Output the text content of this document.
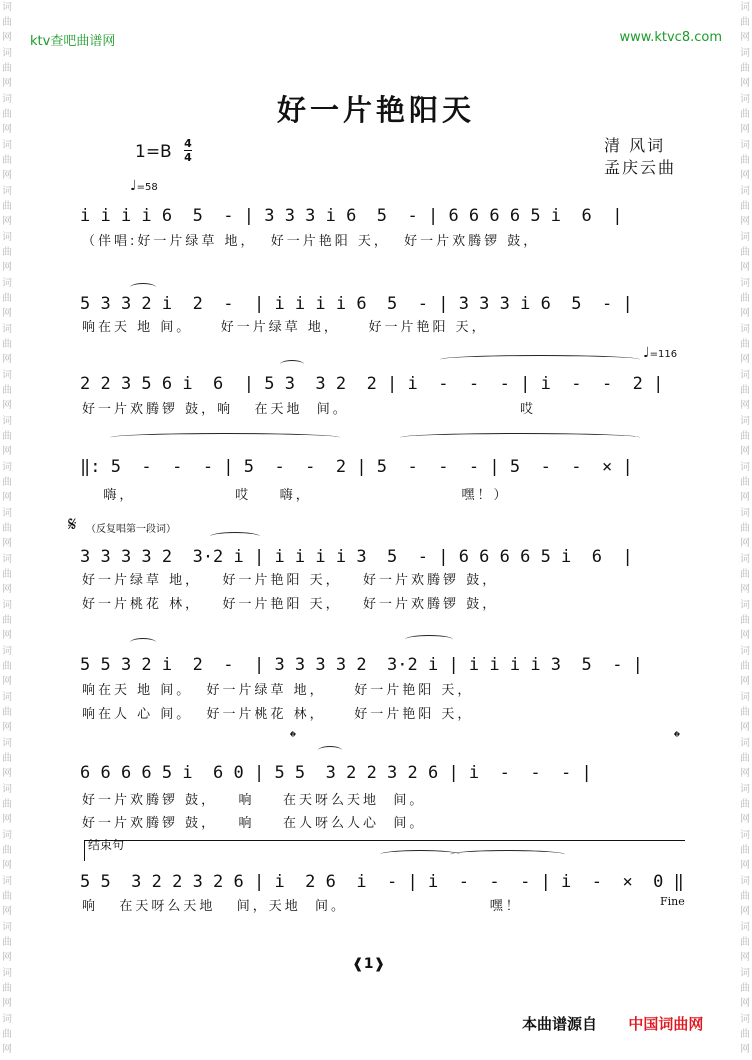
词
曲
网
词
曲
网
词
曲
网
词
曲
网
词
曲
网
词
曲
网
词
曲
网
词
曲
网
词
曲
网
词
曲
网
词
曲
网
词
曲
网
词
曲
网
词
曲
网
词
曲
网
词
曲
网
词
曲
网
词
曲
网
词
曲
网
词
曲
网
词
曲
网
词
曲
网
词
曲
网
词
曲
网
词
曲
网
词
曲
网
词
曲
网
词
曲
网
词
曲
网
词
曲
网
词
曲
网
词
曲
网
词
曲
网
词
曲
网
词
曲
网
词
曲
网
词
曲
网
词
曲
网
词
曲
网
词
曲
网
词
曲
网
词
曲
网
词
曲
网
词
曲
网
词
曲
网
词
曲
网
ktv查吧曲谱网	www.ktvc8.com
好一片艳阳天
1=B 4
4
清 风词
孟庆云曲
♩=58
♩=116
i i i i 6  5  - | 3 3 3 i 6  5  - | 6 6 6 6 5 i  6  |
（伴唱:好一片绿草 地，  好一片艳阳 天，  好一片欢腾锣 鼓，
5 3 3 2 i  2  -  | i i i i 6  5  - | 3 3 3 i 6  5  - |
响在天 地 间。    好一片绿草 地，    好一片艳阳 天，
2 2 3 5 6 i  6  | 5 3  3 2  2 | i  -  -  - | i  -  -  2 |
好一片欢腾锣 鼓，响   在天地  间。                        哎
‖: 5  -  -  - | 5  -  -  2 | 5  -  -  - | 5  -  -  × |
嗨，              哎    嗨，                     嘿！）
𝄋 （反复唱第一段词）
3 3 3 3 2  3·2 i | i i i i 3  5  - | 6 6 6 6 5 i  6  |
好一片绿草 地，   好一片艳阳 天，   好一片欢腾锣 鼓，
好一片桃花 林，   好一片艳阳 天，   好一片欢腾锣 鼓，
5 5 3 2 i  2  -  | 3 3 3 3 2  3·2 i | i i i i 3  5  - |
响在天 地 间。  好一片绿草 地，    好一片艳阳 天，
响在人 心 间。  好一片桃花 林，    好一片艳阳 天，
𝄌	𝄌
6 6 6 6 5 i  6 0 | 5 5  3 2 2 3 2 6 | i  -  -  - |
好一片欢腾锣 鼓，   响    在天呀么天地  间。
好一片欢腾锣 鼓，   响    在人呀么人心  间。
结束句
5 5  3 2 2 3 2 6 | i  2 6  i  - | i  -  -  - | i  -  ×  0 ‖
响   在天呀么天地   间，天地  间。                    嘿！	Fine
❰1❱
本曲谱源自 中国词曲网
